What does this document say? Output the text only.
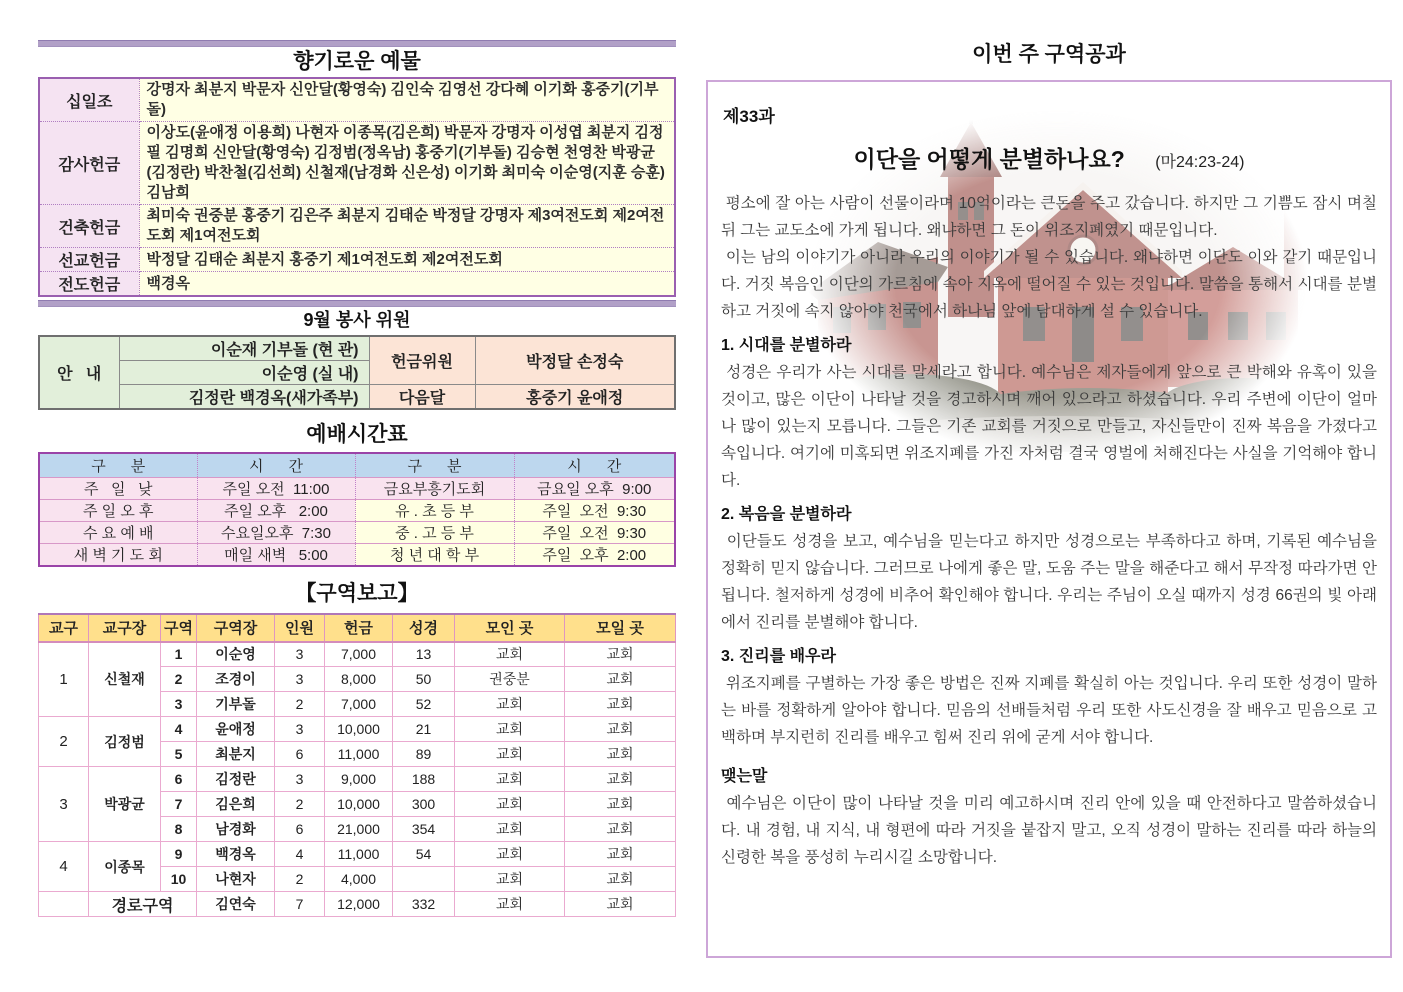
향기로운 예물
십일조	강명자 최분지 박문자 신안달(황영숙) 김인숙 김영선 강다혜 이기화 홍중기(기부돌)
감사헌금	이상도(윤애정 이용희) 나현자 이종목(김은희) 박문자 강명자 이성엽 최분지 김정필 김명희 신안달(황영숙) 김정범(정옥남) 홍중기(기부돌) 김승현 천영찬 박광균(김정란) 박찬철(김선희) 신철재(남경화 신은성) 이기화 최미숙 이순영(지훈 승훈) 김남희
건축헌금	최미숙 권중분 홍중기 김은주 최분지 김태순 박정달 강명자 제3여전도회 제2여전도회 제1여전도회
선교헌금	박정달 김태순 최분지 홍중기 제1여전도회 제2여전도회
전도헌금	백경옥
9월 봉사 위원
안   내	이순재 기부돌 (현 관)	헌금위원	박정달 손정숙
	이순영 (실 내)		
	김정란 백경옥(새가족부)	다음달	홍중기 윤애정
예배시간표
구      분	시      간	구      분	시      간
주   일   낮	주일 오전  11:00	금요부흥기도회	금요일 오후  9:00
주 일 오 후	주일 오후   2:00	유 . 초 등 부	주일  오전  9:30
수 요 예 배	수요일오후  7:30	중 . 고 등 부	주일  오전  9:30
새 벽 기 도 회	매일 새벽   5:00	청 년 대 학 부	주일  오후  2:00
【구역보고】
교구	교구장	구역	구역장	인원	헌금	성경	모인 곳	모일 곳
1	신철재	1	이순영	3	7,000	13	교회	교회
		2	조경이	3	8,000	50	권중분	교회
		3	기부돌	2	7,000	52	교회	교회
2	김정범	4	윤애정	3	10,000	21	교회	교회
		5	최분지	6	11,000	89	교회	교회
3	박광균	6	김정란	3	9,000	188	교회	교회
		7	김은희	2	10,000	300	교회	교회
		8	남경화	6	21,000	354	교회	교회
4	이종목	9	백경옥	4	11,000	54	교회	교회
		10	나현자	2	4,000		교회	교회
	경로구역		김연숙	7	12,000	332	교회	교회
이번 주 구역공과
제33과
이단을 어떻게 분별하나요? (마24:23-24)

평소에 잘 아는 사람이 선물이라며 10억이라는 큰돈을 주고 갔습니다. 하지만 그 기쁨도 잠시 며칠 뒤 그는 교도소에 가게 됩니다. 왜냐하면 그 돈이 위조지폐였기 때문입니다.

이는 남의 이야기가 아니라 우리의 이야기가 될 수 있습니다. 왜냐하면 이단도 이와 같기 때문입니다. 거짓 복음인 이단의 가르침에 속아 지옥에 떨어질 수 있는 것입니다. 말씀을 통해서 시대를 분별하고 거짓에 속지 않아야 천국에서 하나님 앞에 담대하게 설 수 있습니다.

1. 시대를 분별하라

성경은 우리가 사는 시대를 말세라고 합니다. 예수님은 제자들에게 앞으로 큰 박해와 유혹이 있을 것이고, 많은 이단이 나타날 것을 경고하시며 깨어 있으라고 하셨습니다. 우리 주변에 이단이 얼마나 많이 있는지 모릅니다. 그들은 기존 교회를 거짓으로 만들고, 자신들만이 진짜 복음을 가졌다고 속입니다. 여기에 미혹되면 위조지폐를 가진 자처럼 결국 영벌에 처해진다는 사실을 기억해야 합니다.

2. 복음을 분별하라

이단들도 성경을 보고, 예수님을 믿는다고 하지만 성경으로는 부족하다고 하며, 기록된 예수님을 정확히 믿지 않습니다. 그러므로 나에게 좋은 말, 도움 주는 말을 해준다고 해서 무작정 따라가면 안 됩니다. 철저하게 성경에 비추어 확인해야 합니다. 우리는 주님이 오실 때까지 성경 66권의 빛 아래에서 진리를 분별해야 합니다.

3. 진리를 배우라

위조지폐를 구별하는 가장 좋은 방법은 진짜 지폐를 확실히 아는 것입니다. 우리 또한 성경이 말하는 바를 정확하게 알아야 합니다. 믿음의 선배들처럼 우리 또한 사도신경을 잘 배우고 믿음으로 고백하며 부지런히 진리를 배우고 힘써 진리 위에 굳게 서야 합니다.

맺는말

예수님은 이단이 많이 나타날 것을 미리 예고하시며 진리 안에 있을 때 안전하다고 말씀하셨습니다. 내 경험, 내 지식, 내 형편에 따라 거짓을 붙잡지 말고, 오직 성경이 말하는 진리를 따라 하늘의 신령한 복을 풍성히 누리시길 소망합니다.
